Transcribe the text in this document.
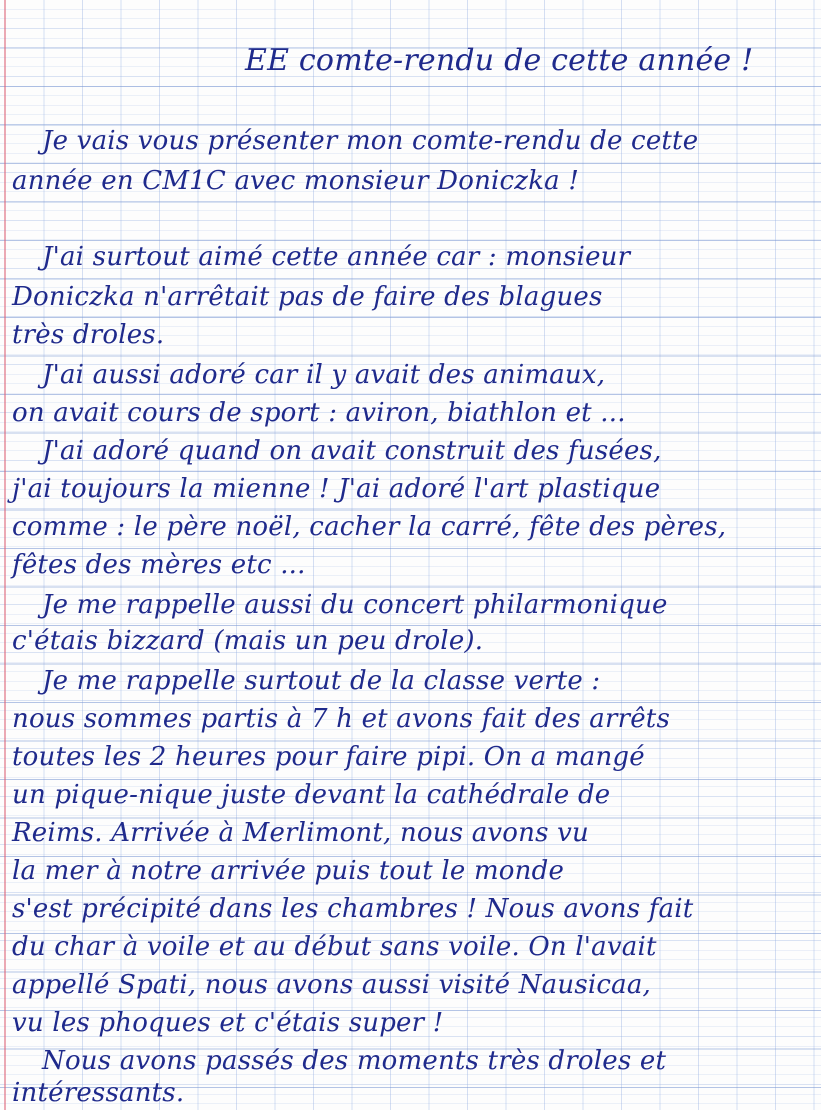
EE comte-rendu de cette année !
Je vais vous présenter mon comte-rendu de cette
année en CM1C avec monsieur Doniczka !
J'ai surtout aimé cette année car : monsieur
Doniczka n'arrêtait pas de faire des blagues
très droles.
J'ai aussi adoré car il y avait des animaux,
on avait cours de sport : aviron, biathlon et ...
J'ai adoré quand on avait construit des fusées,
j'ai toujours la mienne ! J'ai adoré l'art plastique
comme : le père noël, cacher la carré, fête des pères,
fêtes des mères etc ...
Je me rappelle aussi du concert philarmonique
c'étais bizzard (mais un peu drole).
Je me rappelle surtout de la classe verte :
nous sommes partis à 7 h et avons fait des arrêts
toutes les 2 heures pour faire pipi. On a mangé
un pique-nique juste devant la cathédrale de
Reims. Arrivée à Merlimont, nous avons vu
la mer à notre arrivée puis tout le monde
s'est précipité dans les chambres ! Nous avons fait
du char à voile et au début sans voile. On l'avait
appellé Spati, nous avons aussi visité Nausicaa,
vu les phoques et c'étais super !
Nous avons passés des moments très droles et
intéressants.
